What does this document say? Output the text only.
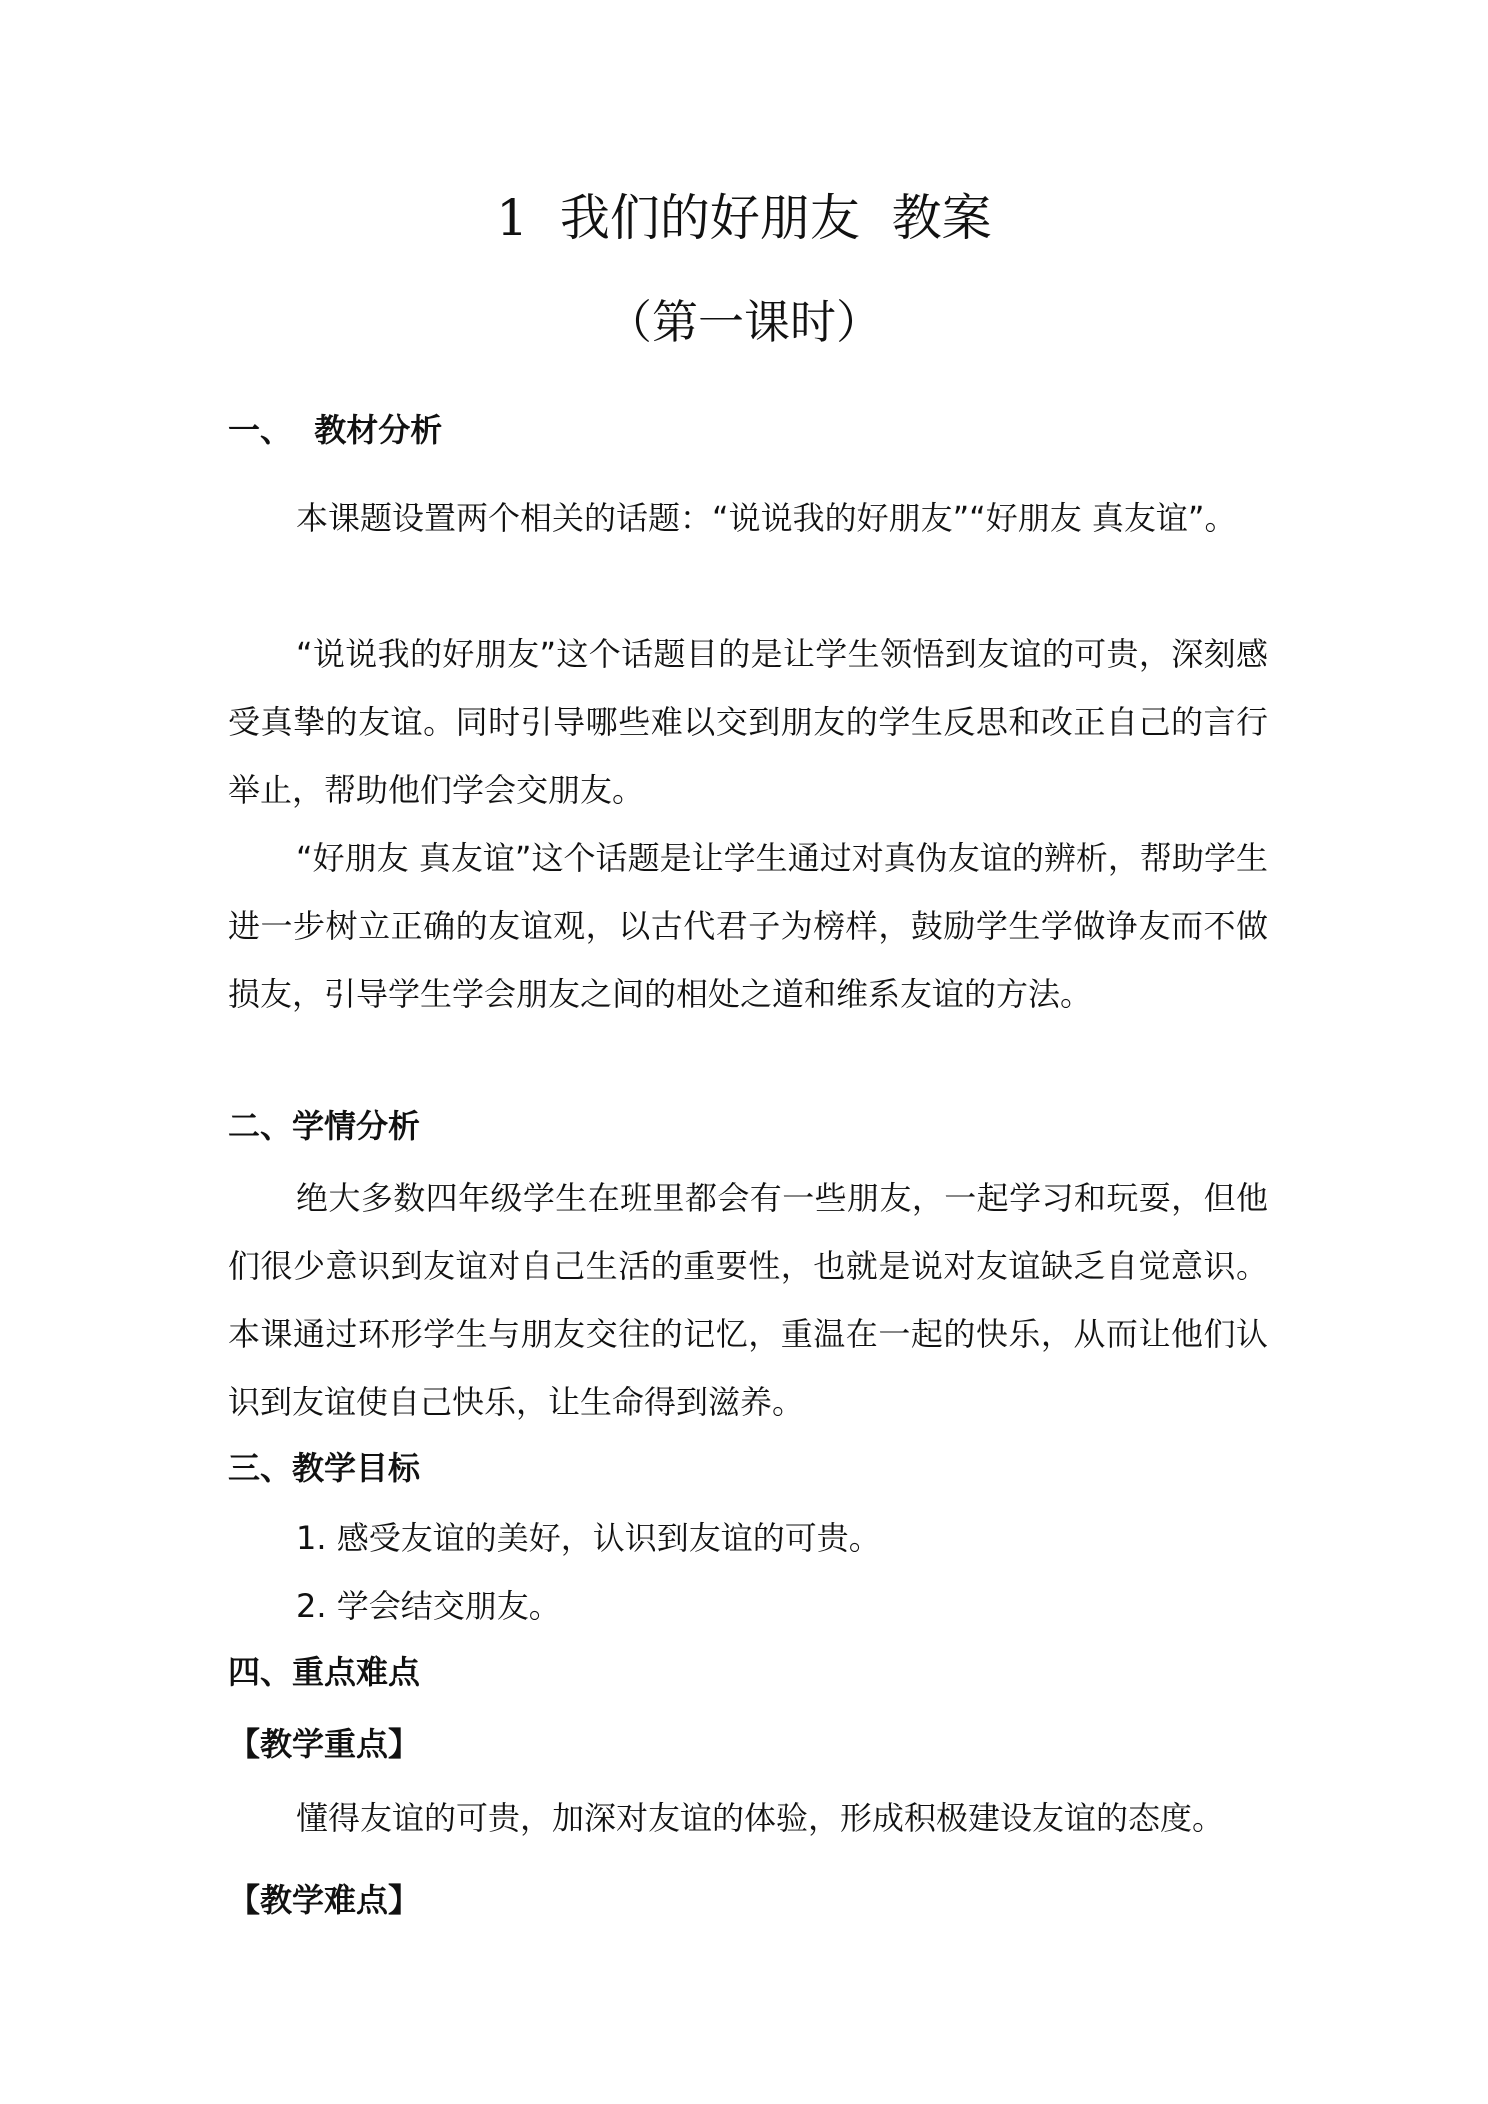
1  我们的好朋友  教案
（第一课时）
一、  教材分析

本课题设置两个相关的话题：“说说我的好朋友”“好朋友 真友谊”。

“说说我的好朋友”这个话题目的是让学生领悟到友谊的可贵，深刻感受真挚的友谊。同时引导哪些难以交到朋友的学生反思和改正自己的言行举止，帮助他们学会交朋友。

“好朋友 真友谊”这个话题是让学生通过对真伪友谊的辨析，帮助学生进一步树立正确的友谊观，以古代君子为榜样，鼓励学生学做诤友而不做损友，引导学生学会朋友之间的相处之道和维系友谊的方法。

二、学情分析

绝大多数四年级学生在班里都会有一些朋友，一起学习和玩耍，但他们很少意识到友谊对自己生活的重要性，也就是说对友谊缺乏自觉意识。本课通过环形学生与朋友交往的记忆，重温在一起的快乐，从而让他们认识到友谊使自己快乐，让生命得到滋养。

三、教学目标
1. 感受友谊的美好，认识到友谊的可贵。
2. 学会结交朋友。
四、重点难点
【教学重点】

懂得友谊的可贵，加深对友谊的体验，形成积极建设友谊的态度。

【教学难点】
